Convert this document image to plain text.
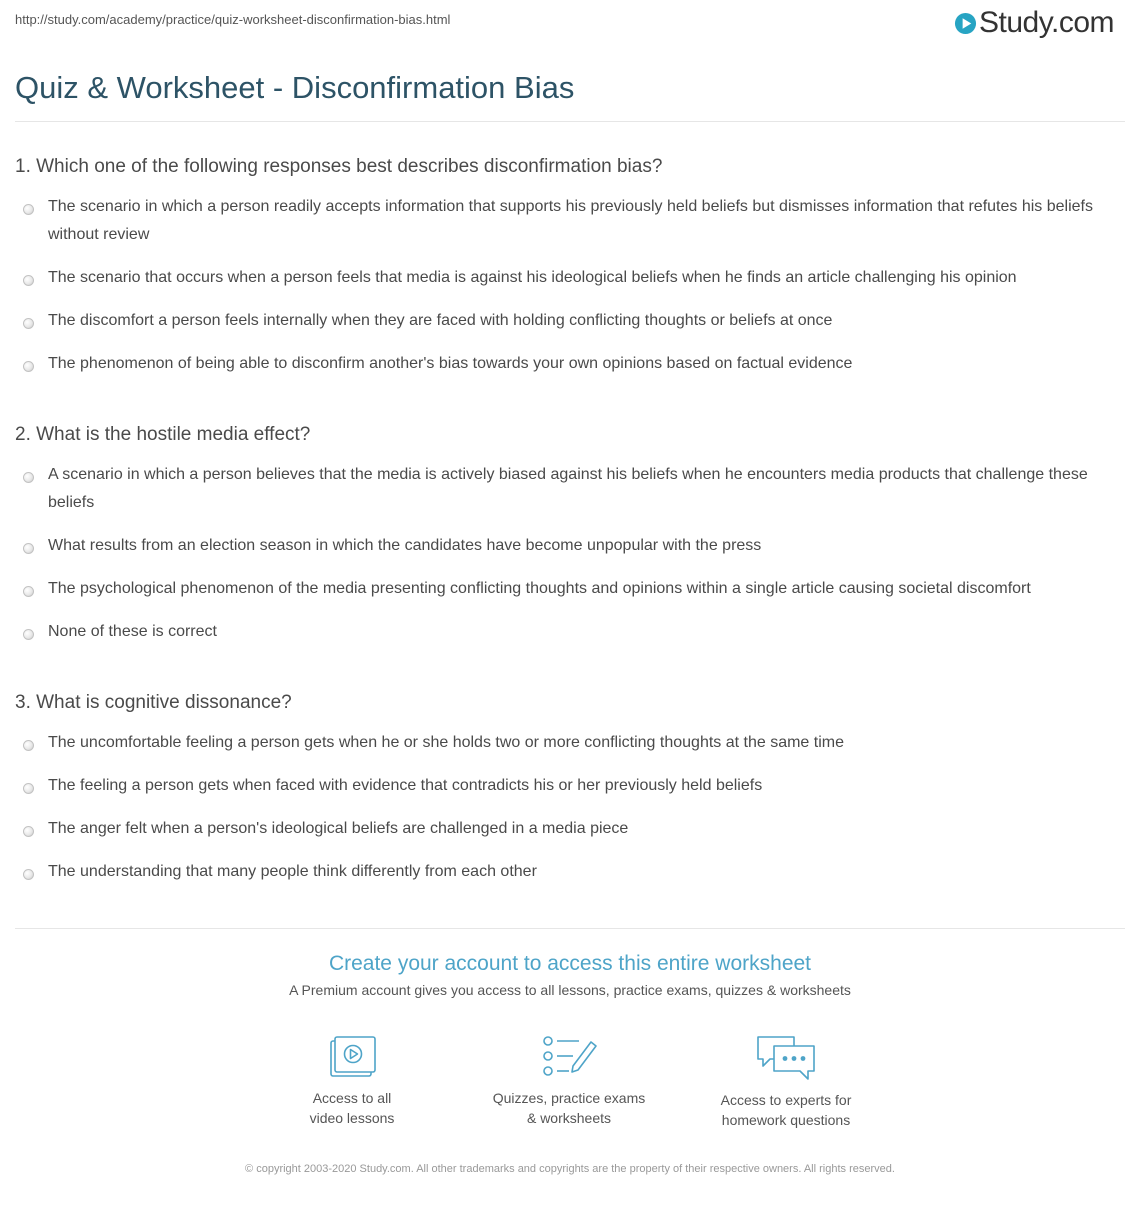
http://study.com/academy/practice/quiz-worksheet-disconfirmation-bias.html	Study.com
Quiz & Worksheet - Disconfirmation Bias
1. Which one of the following responses best describes disconfirmation bias?
The scenario in which a person readily accepts information that supports his previously held beliefs but dismisses information that refutes his beliefs without review
The scenario that occurs when a person feels that media is against his ideological beliefs when he finds an article challenging his opinion
The discomfort a person feels internally when they are faced with holding conflicting thoughts or beliefs at once
The phenomenon of being able to disconfirm another's bias towards your own opinions based on factual evidence
2. What is the hostile media effect?
A scenario in which a person believes that the media is actively biased against his beliefs when he encounters media products that challenge these beliefs
What results from an election season in which the candidates have become unpopular with the press
The psychological phenomenon of the media presenting conflicting thoughts and opinions within a single article causing societal discomfort
None of these is correct
3. What is cognitive dissonance?
The uncomfortable feeling a person gets when he or she holds two or more conflicting thoughts at the same time
The feeling a person gets when faced with evidence that contradicts his or her previously held beliefs
The anger felt when a person's ideological beliefs are challenged in a media piece
The understanding that many people think differently from each other
Create your account to access this entire worksheet
A Premium account gives you access to all lessons, practice exams, quizzes & worksheets
Access to all
video lessons
Quizzes, practice exams
& worksheets
Access to experts for
homework questions
© copyright 2003-2020 Study.com. All other trademarks and copyrights are the property of their respective owners. All rights reserved.
